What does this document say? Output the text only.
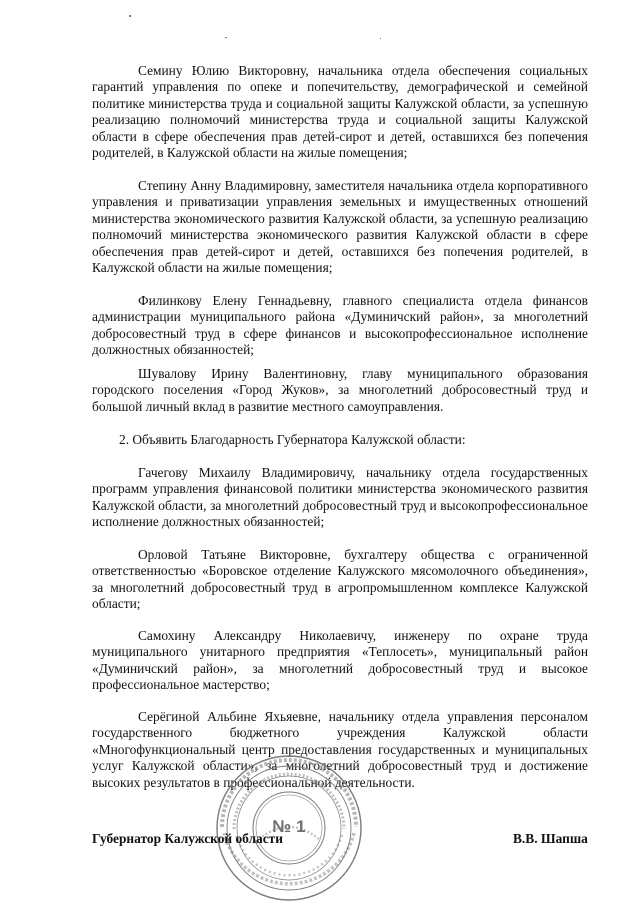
Семину Юлию Викторовну, начальника отдела обеспечения социальных гарантий управления по опеке и попечительству, демографической и семейной политике министерства труда и социальной защиты Калужской области, за успешную реализацию полномочий министерства труда и социальной защиты Калужской области в сфере обеспечения прав детей-сирот и детей, оставшихся без попечения родителей, в Калужской области на жилые помещения;

Степину Анну Владимировну, заместителя начальника отдела корпоративного управления и приватизации управления земельных и имущественных отношений министерства экономического развития Калужской области, за успешную реализацию полномочий министерства экономического развития Калужской области в сфере обеспечения прав детей-сирот и детей, оставшихся без попечения родителей, в Калужской области на жилые помещения;

Филинкову Елену Геннадьевну, главного специалиста отдела финансов администрации муниципального района «Думиничский район», за многолетний добросовестный труд в сфере финансов и высокопрофессиональное исполнение должностных обязанностей;

Шувалову Ирину Валентиновну, главу муниципального образования городского поселения «Город Жуков», за многолетний добросовестный труд и большой личный вклад в развитие местного самоуправления.

2. Объявить Благодарность Губернатора Калужской области:

Гачегову Михаилу Владимировичу, начальнику отдела государственных программ управления финансовой политики министерства экономического развития Калужской области, за многолетний добросовестный труд и высокопрофессиональное исполнение должностных обязанностей;

Орловой Татьяне Викторовне, бухгалтеру общества с ограниченной ответственностью «Боровское отделение Калужского мясомолочного объединения», за многолетний добросовестный труд в агропромышленном комплексе Калужской области;

Самохину Александру Николаевичу, инженеру по охране труда муниципального унитарного предприятия «Теплосеть», муниципальный район «Думиничский район», за многолетний добросовестный труд и высокое профессиональное мастерство;

Серёгиной Альбине Яхьяевне, начальнику отдела управления персоналом государственного бюджетного учреждения Калужской области «Многофункциональный центр предоставления государственных и муниципальных услуг Калужской области», за многолетний добросовестный труд и достижение высоких результатов в профессиональной деятельности.

№ 1

Губернатор Калужской области	В.В. Шапша
